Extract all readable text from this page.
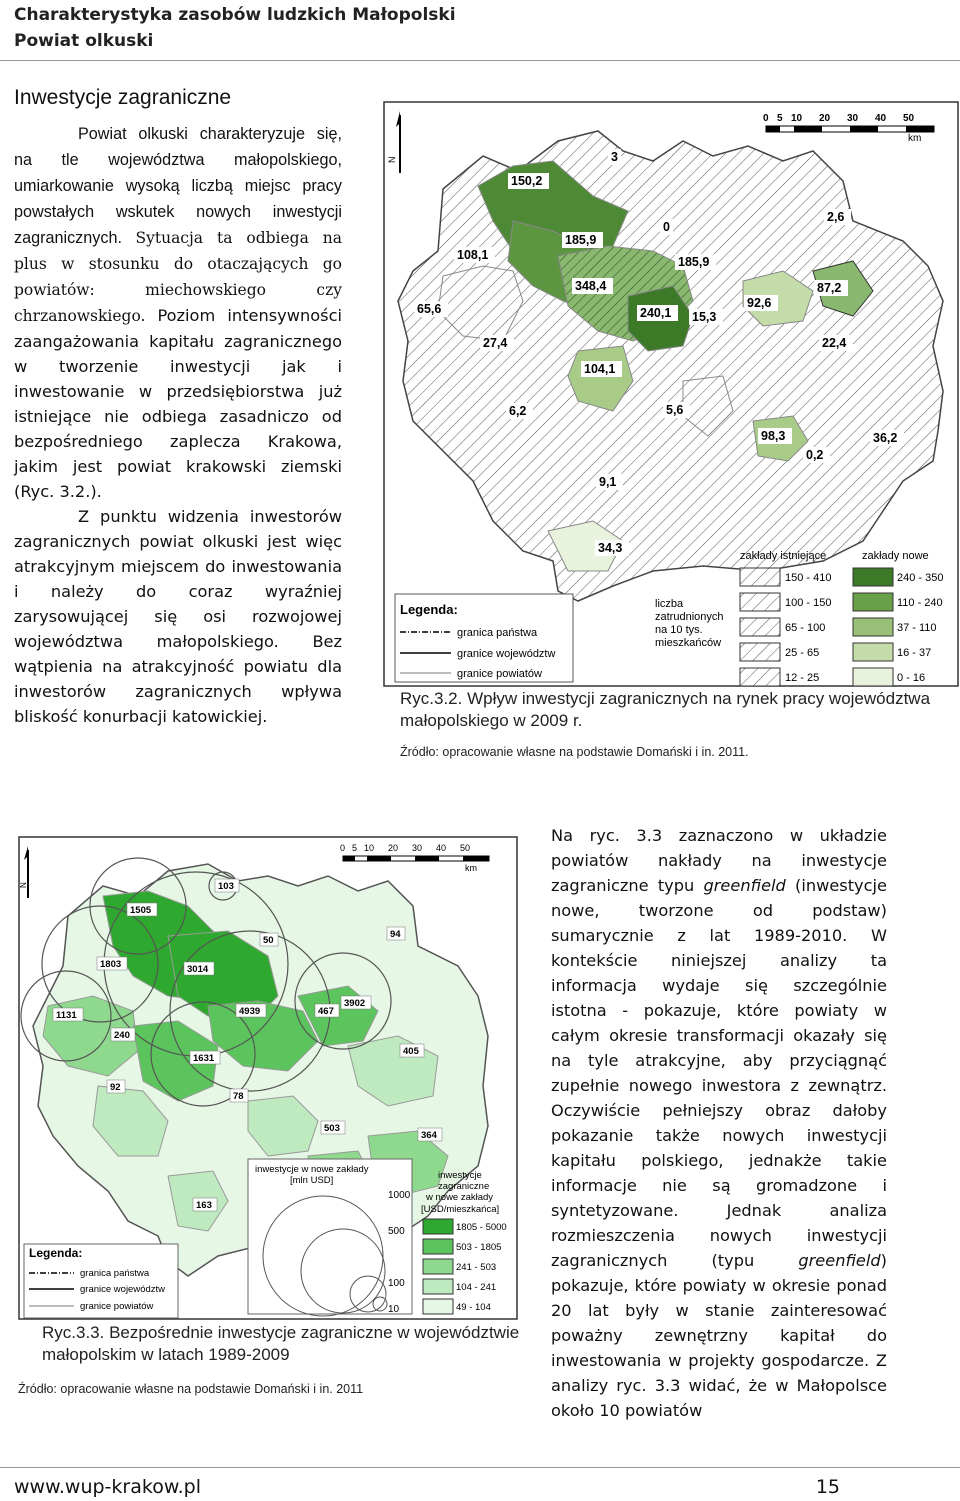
Charakterystyka zasobów ludzkich Małopolski
Powiat olkuski
Inwestycje zagraniczne

Powiat olkuski charakteryzuje się, na tle województwa małopolskiego, umiarkowanie wysoką liczbą miejsc pracy powstałych wskutek nowych inwestycji zagranicznych. Sytuacja ta odbiega na plus w stosunku do otaczających go powiatów: miechowskiego czy chrzanowskiego. Poziom intensywności zaangażowania kapitału zagranicznego w tworzenie inwestycji jak i inwestowanie w przedsiębiorstwa już istniejące nie odbiega zasadniczo od bezpośredniego zaplecza Krakowa, jakim jest powiat krakowski ziemski (Ryc. 3.2.).

Z punktu widzenia inwestorów zagranicznych powiat olkuski jest więc atrakcyjnym miejscem do inwestowania i należy do coraz wyraźniej zarysowującej się osi rozwojowej województwa małopolskiego. Bez wątpienia na atrakcyjność powiatu dla inwestorów zagranicznych wpływa bliskość konurbacji katowickiej.

N
0 5 10 20 30 40 50
km
3
150,2
185,9
108,1
0
185,9
2,6
348,4
65,6	240,1 15,3
92,6
87,2
27,4	22,4
104,1
6,2	5,6
98,3	36,2
0,2
9,1
34,3
Legenda:
granica państwa
granice województw
granice powiatów
liczba
zatrudnionych
na 10 tys.
mieszkańców
zakłady istniejące	zakłady nowe
150 - 410
100 - 150
65 - 100
25 - 65
12 - 25
240 - 350
110 - 240
37 - 110
16 - 37
0 - 16
Ryc.3.2. Wpływ inwestycji zagranicznych na rynek pracy województwa
małopolskiego w 2009 r.
Źródło: opracowanie własne na podstawie Domański i in. 2011.
N
0 5 10 20 30 40 50
km
103
1505
50
94
1803	3014
1131	4939	467
3902
240
1631
405
92
78
503
364
163
inwestycje w nowe zakłady
[mln USD]
1000
500
100
10
inwestycje
zagraniczne
w nowe zakłady
[USD/mieszkańca]
1805 - 5000
503 - 1805
241 - 503
104 - 241
49 - 104
Legenda:
granica państwa
granice województw
granice powiatów
Ryc.3.3. Bezpośrednie inwestycje zagraniczne w województwie
małopolskim w latach 1989-2009
Źródło: opracowanie własne na podstawie Domański i in. 2011

Na ryc. 3.3 zaznaczono w układzie powiatów nakłady na inwestycje zagraniczne typu greenfield (inwestycje nowe, tworzone od podstaw) sumarycznie z lat 1989-2010. W kontekście niniejszej analizy ta informacja wydaje się szczególnie istotna - pokazuje, które powiaty w całym okresie transformacji okazały się na tyle atrakcyjne, aby przyciągnąć zupełnie nowego inwestora z zewnątrz. Oczywiście pełniejszy obraz dałoby pokazanie także nowych inwestycji kapitału polskiego, jednakże takie informacje nie są gromadzone i syntetyzowane. Jednak analiza rozmieszczenia nowych inwestycji zagranicznych (typu greenfield) pokazuje, które powiaty w okresie ponad 20 lat były w stanie zainteresować poważny zewnętrzny kapitał do inwestowania w projekty gospodarcze. Z analizy ryc. 3.3 widać, że w Małopolsce około 10 powiatów

www.wup-krakow.pl	15
